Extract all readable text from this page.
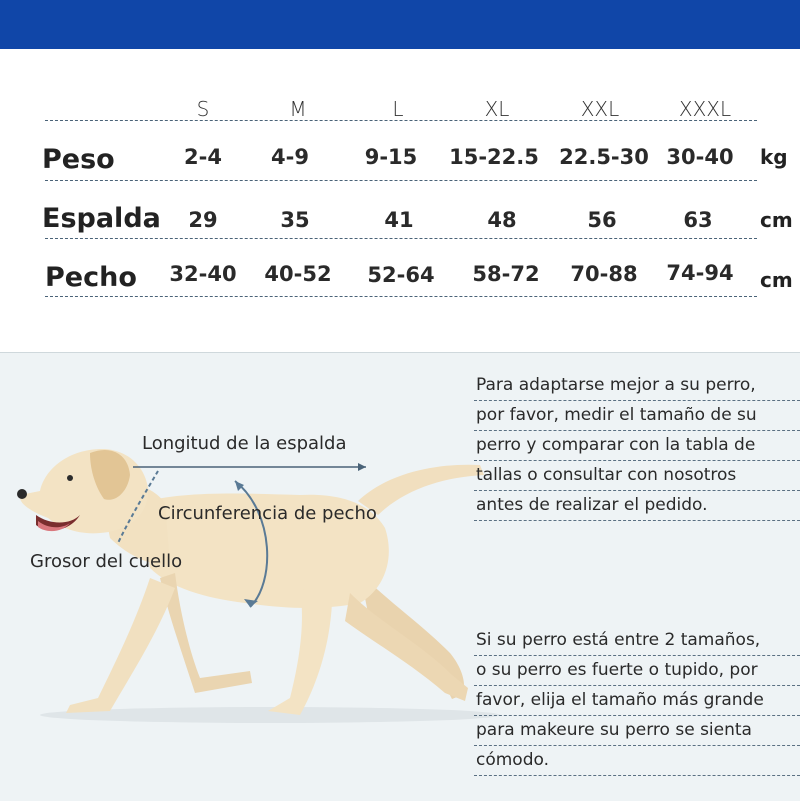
S	M	L	XL	XXL	XXXL
Peso	2-4 4-9	9-15 15-22.5 22.5-30 30-40 kg
Espalda 29	35	41	48	56	63 cm
Pecho 32-40 40-52 52-64 58-72 70-88 74-94 cm
Longitud de la espalda
Circunferencia de pecho
Grosor del cuello
Para adaptarse mejor a su perro,
por favor, medir el tamaño de su
perro y comparar con la tabla de
tallas o consultar con nosotros
antes de realizar el pedido.
Si su perro está entre 2 tamaños,
o su perro es fuerte o tupido, por
favor, elija el tamaño más grande
para makeure su perro se sienta
cómodo.
